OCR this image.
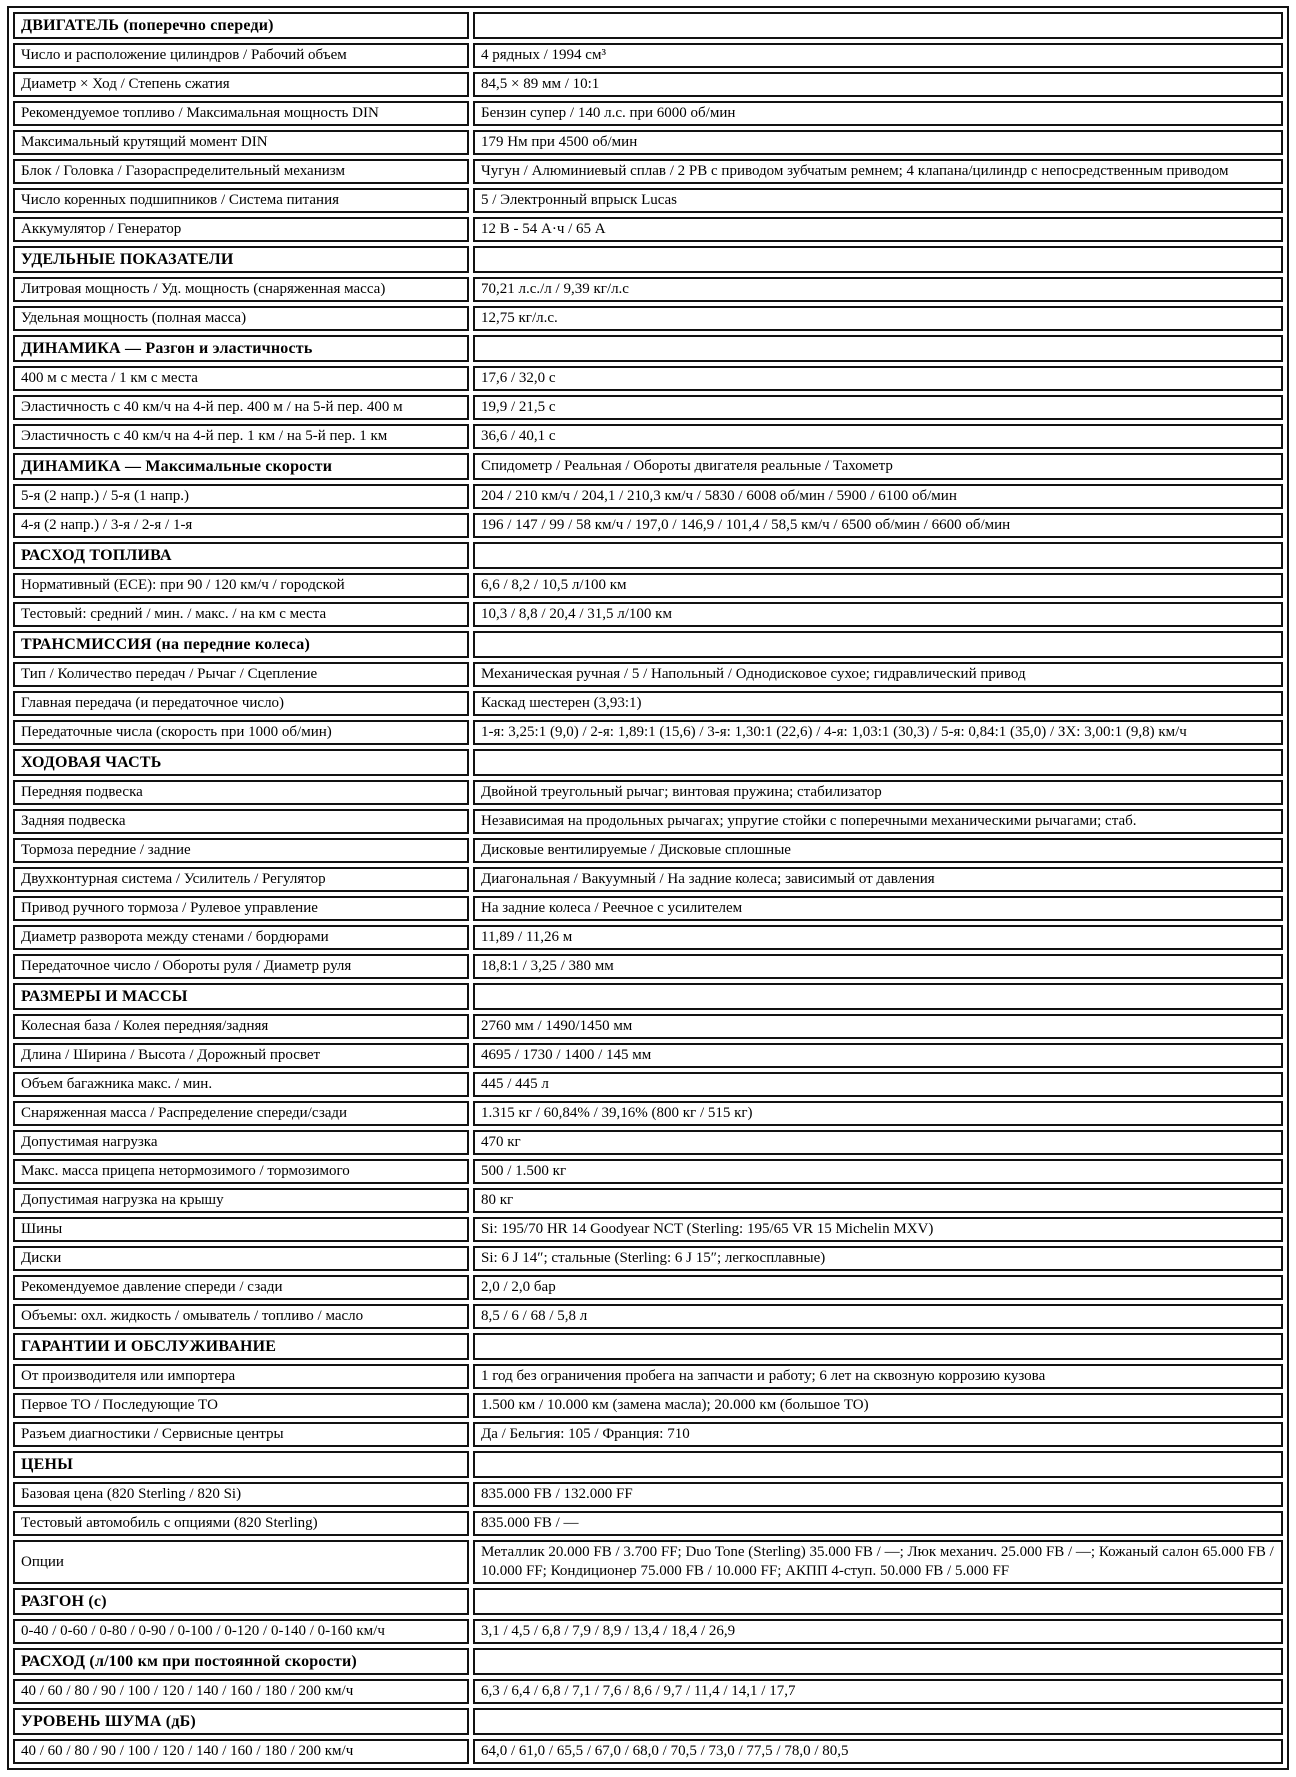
ДВИГАТЕЛЬ (поперечно спереди)	
Число и расположение цилиндров / Рабочий объем	4 рядных / 1994 см³
Диаметр × Ход / Степень сжатия	84,5 × 89 мм / 10:1
Рекомендуемое топливо / Максимальная мощность DIN	Бензин супер / 140 л.с. при 6000 об/мин
Максимальный крутящий момент DIN	179 Нм при 4500 об/мин
Блок / Головка / Газораспределительный механизм	Чугун / Алюминиевый сплав / 2 РВ с приводом зубчатым ремнем; 4 клапана/цилиндр с непосредственным приводом
Число коренных подшипников / Система питания	5 / Электронный впрыск Lucas
Аккумулятор / Генератор	12 В - 54 А·ч / 65 А
УДЕЛЬНЫЕ ПОКАЗАТЕЛИ	
Литровая мощность / Уд. мощность (снаряженная масса)	70,21 л.с./л / 9,39 кг/л.с
Удельная мощность (полная масса)	12,75 кг/л.с.
ДИНАМИКА — Разгон и эластичность	
400 м с места / 1 км с места	17,6 / 32,0 с
Эластичность с 40 км/ч на 4-й пер. 400 м / на 5-й пер. 400 м	19,9 / 21,5 с
Эластичность с 40 км/ч на 4-й пер. 1 км / на 5-й пер. 1 км	36,6 / 40,1 с
ДИНАМИКА — Максимальные скорости	Спидометр / Реальная / Обороты двигателя реальные / Тахометр
5-я (2 напр.) / 5-я (1 напр.)	204 / 210 км/ч / 204,1 / 210,3 км/ч / 5830 / 6008 об/мин / 5900 / 6100 об/мин
4-я (2 напр.) / 3-я / 2-я / 1-я	196 / 147 / 99 / 58 км/ч / 197,0 / 146,9 / 101,4 / 58,5 км/ч / 6500 об/мин / 6600 об/мин
РАСХОД ТОПЛИВА	
Нормативный (ЕСЕ): при 90 / 120 км/ч / городской	6,6 / 8,2 / 10,5 л/100 км
Тестовый: средний / мин. / макс. / на км с места	10,3 / 8,8 / 20,4 / 31,5 л/100 км
ТРАНСМИССИЯ (на передние колеса)	
Тип / Количество передач / Рычаг / Сцепление	Механическая ручная / 5 / Напольный / Однодисковое сухое; гидравлический привод
Главная передача (и передаточное число)	Каскад шестерен (3,93:1)
Передаточные числа (скорость при 1000 об/мин)	1-я: 3,25:1 (9,0) / 2-я: 1,89:1 (15,6) / 3-я: 1,30:1 (22,6) / 4-я: 1,03:1 (30,3) / 5-я: 0,84:1 (35,0) / ЗХ: 3,00:1 (9,8) км/ч
ХОДОВАЯ ЧАСТЬ	
Передняя подвеска	Двойной треугольный рычаг; винтовая пружина; стабилизатор
Задняя подвеска	Независимая на продольных рычагах; упругие стойки с поперечными механическими рычагами; стаб.
Тормоза передние / задние	Дисковые вентилируемые / Дисковые сплошные
Двухконтурная система / Усилитель / Регулятор	Диагональная / Вакуумный / На задние колеса; зависимый от давления
Привод ручного тормоза / Рулевое управление	На задние колеса / Реечное с усилителем
Диаметр разворота между стенами / бордюрами	11,89 / 11,26 м
Передаточное число / Обороты руля / Диаметр руля	18,8:1 / 3,25 / 380 мм
РАЗМЕРЫ И МАССЫ	
Колесная база / Колея передняя/задняя	2760 мм / 1490/1450 мм
Длина / Ширина / Высота / Дорожный просвет	4695 / 1730 / 1400 / 145 мм
Объем багажника макс. / мин.	445 / 445 л
Снаряженная масса / Распределение спереди/сзади	1.315 кг / 60,84% / 39,16% (800 кг / 515 кг)
Допустимая нагрузка	470 кг
Макс. масса прицепа нетормозимого / тормозимого	500 / 1.500 кг
Допустимая нагрузка на крышу	80 кг
Шины	Si: 195/70 HR 14 Goodyear NCT (Sterling: 195/65 VR 15 Michelin MXV)
Диски	Si: 6 J 14″; стальные (Sterling: 6 J 15″; легкосплавные)
Рекомендуемое давление спереди / сзади	2,0 / 2,0 бар
Объемы: охл. жидкость / омыватель / топливо / масло	8,5 / 6 / 68 / 5,8 л
ГАРАНТИИ И ОБСЛУЖИВАНИЕ	
От производителя или импортера	1 год без ограничения пробега на запчасти и работу; 6 лет на сквозную коррозию кузова
Первое ТО / Последующие ТО	1.500 км / 10.000 км (замена масла); 20.000 км (большое ТО)
Разъем диагностики / Сервисные центры	Да / Бельгия: 105 / Франция: 710
ЦЕНЫ	
Базовая цена (820 Sterling / 820 Si)	835.000 FB / 132.000 FF
Тестовый автомобиль с опциями (820 Sterling)	835.000 FB / —
Опции	Металлик 20.000 FB / 3.700 FF; Duo Tone (Sterling) 35.000 FB / —; Люк механич. 25.000 FB / —; Кожаный салон 65.000 FB / 10.000 FF; Кондиционер 75.000 FB / 10.000 FF; АКПП 4-ступ. 50.000 FB / 5.000 FF
РАЗГОН (с)	
0-40 / 0-60 / 0-80 / 0-90 / 0-100 / 0-120 / 0-140 / 0-160 км/ч	3,1 / 4,5 / 6,8 / 7,9 / 8,9 / 13,4 / 18,4 / 26,9
РАСХОД (л/100 км при постоянной скорости)	
40 / 60 / 80 / 90 / 100 / 120 / 140 / 160 / 180 / 200 км/ч	6,3 / 6,4 / 6,8 / 7,1 / 7,6 / 8,6 / 9,7 / 11,4 / 14,1 / 17,7
УРОВЕНЬ ШУМА (дБ)	
40 / 60 / 80 / 90 / 100 / 120 / 140 / 160 / 180 / 200 км/ч	64,0 / 61,0 / 65,5 / 67,0 / 68,0 / 70,5 / 73,0 / 77,5 / 78,0 / 80,5
